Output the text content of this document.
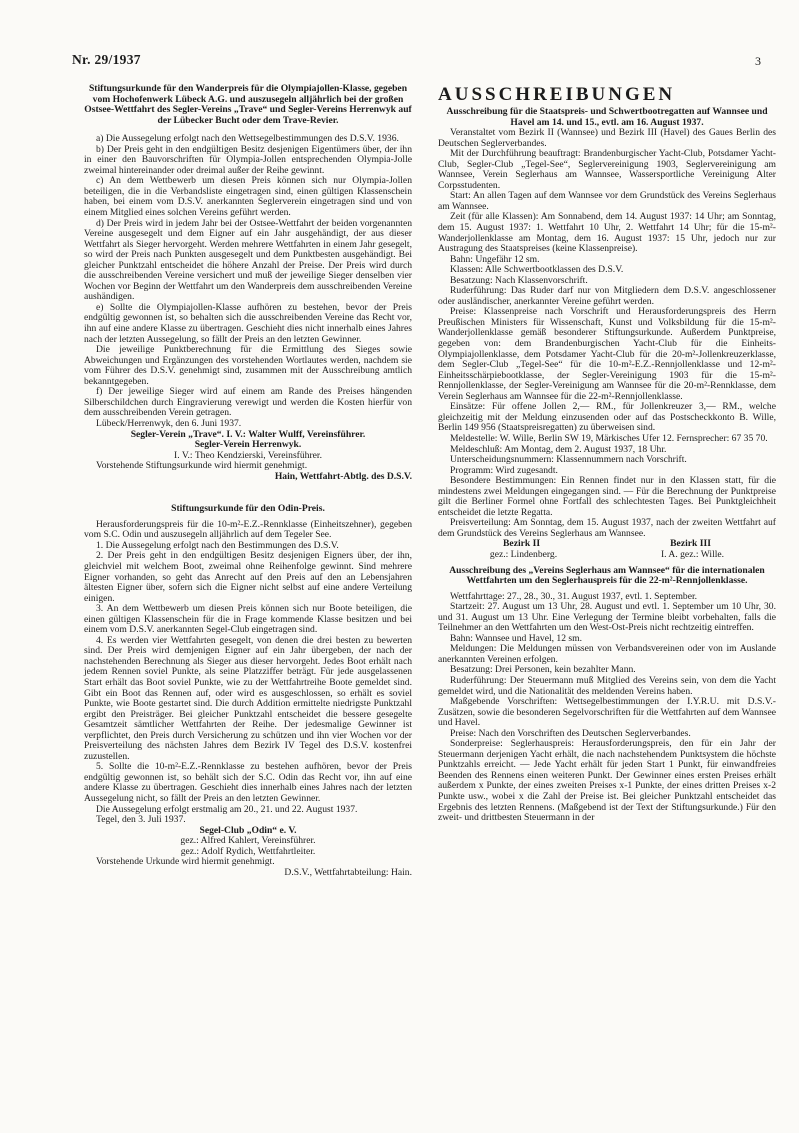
Nr. 29/1937	3

Stiftungsurkunde für den Wanderpreis für die Olympiajollen-Klasse, gegeben vom Hochofenwerk Lübeck A.G. und auszusegeln alljährlich bei der großen Ostsee-Wettfahrt des Segler-Vereins „Trave“ und Segler-Vereins Herrenwyk auf der Lübecker Bucht oder dem Trave-Revier.

a) Die Aussegelung erfolgt nach den Wettsegelbestimmungen des D.S.V. 1936.

b) Der Preis geht in den endgültigen Besitz desjenigen Eigentümers über, der ihn in einer den Bauvorschriften für Olympia-Jollen entsprechenden Olympia-Jolle zweimal hintereinander oder dreimal außer der Reihe gewinnt.

c) An dem Wettbewerb um diesen Preis können sich nur Olympia-Jollen beteiligen, die in die Verbandsliste eingetragen sind, einen gültigen Klassenschein haben, bei einem vom D.S.V. anerkannten Seglerverein eingetragen sind und von einem Mitglied eines solchen Vereins geführt werden.

d) Der Preis wird in jedem Jahr bei der Ostsee-Wettfahrt der beiden vorgenannten Vereine ausgesegelt und dem Eigner auf ein Jahr ausgehändigt, der aus dieser Wettfahrt als Sieger hervorgeht. Werden mehrere Wettfahrten in einem Jahr gesegelt, so wird der Preis nach Punkten ausgesegelt und dem Punktbesten ausgehändigt. Bei gleicher Punktzahl entscheidet die höhere Anzahl der Preise. Der Preis wird durch die ausschreibenden Vereine versichert und muß der jeweilige Sieger denselben vier Wochen vor Beginn der Wettfahrt um den Wanderpreis dem ausschreibenden Vereine aushändigen.

e) Sollte die Olympiajollen-Klasse aufhören zu bestehen, bevor der Preis endgültig gewonnen ist, so behalten sich die ausschreibenden Vereine das Recht vor, ihn auf eine andere Klasse zu übertragen. Geschieht dies nicht innerhalb eines Jahres nach der letzten Aussegelung, so fällt der Preis an den letzten Gewinner.

Die jeweilige Punktberechnung für die Ermittlung des Sieges sowie Abweichungen und Ergänzungen des vorstehenden Wortlautes werden, nachdem sie vom Führer des D.S.V. genehmigt sind, zusammen mit der Ausschreibung amtlich bekanntgegeben.

f) Der jeweilige Sieger wird auf einem am Rande des Preises hängenden Silberschildchen durch Eingravierung verewigt und werden die Kosten hierfür von dem ausschreibenden Verein getragen.

Lübeck/Herrenwyk, den 6. Juni 1937.

Segler-Verein „Trave“. I. V.: Walter Wulff, Vereinsführer.

Segler-Verein Herrenwyk.

I. V.: Theo Kendzierski, Vereinsführer.

Vorstehende Stiftungsurkunde wird hiermit genehmigt.

Hain, Wettfahrt-Abtlg. des D.S.V.

Stiftungsurkunde für den Odin-Preis.

Herausforderungspreis für die 10-m²-E.Z.-Rennklasse (Einheitszehner), gegeben vom S.C. Odin und auszusegeln alljährlich auf dem Tegeler See.

1. Die Aussegelung erfolgt nach den Bestimmungen des D.S.V.

2. Der Preis geht in den endgültigen Besitz desjenigen Eigners über, der ihn, gleichviel mit welchem Boot, zweimal ohne Reihenfolge gewinnt. Sind mehrere Eigner vorhanden, so geht das Anrecht auf den Preis auf den an Lebensjahren ältesten Eigner über, sofern sich die Eigner nicht selbst auf eine andere Verteilung einigen.

3. An dem Wettbewerb um diesen Preis können sich nur Boote beteiligen, die einen gültigen Klassenschein für die in Frage kommende Klasse besitzen und bei einem vom D.S.V. anerkannten Segel-Club eingetragen sind.

4. Es werden vier Wettfahrten gesegelt, von denen die drei besten zu bewerten sind. Der Preis wird demjenigen Eigner auf ein Jahr übergeben, der nach der nachstehenden Berechnung als Sieger aus dieser hervorgeht. Jedes Boot erhält nach jedem Rennen soviel Punkte, als seine Platzziffer beträgt. Für jede ausgelassenen Start erhält das Boot soviel Punkte, wie zu der Wettfahrtreihe Boote gemeldet sind. Gibt ein Boot das Rennen auf, oder wird es ausgeschlossen, so erhält es soviel Punkte, wie Boote gestartet sind. Die durch Addition ermittelte niedrigste Punktzahl ergibt den Preisträger. Bei gleicher Punktzahl entscheidet die bessere gesegelte Gesamtzeit sämtlicher Wettfahrten der Reihe. Der jedesmalige Gewinner ist verpflichtet, den Preis durch Versicherung zu schützen und ihn vier Wochen vor der Preisverteilung des nächsten Jahres dem Bezirk IV Tegel des D.S.V. kostenfrei zuzustellen.

5. Sollte die 10-m²-E.Z.-Rennklasse zu bestehen aufhören, bevor der Preis endgültig gewonnen ist, so behält sich der S.C. Odin das Recht vor, ihn auf eine andere Klasse zu übertragen. Geschieht dies innerhalb eines Jahres nach der letzten Aussegelung nicht, so fällt der Preis an den letzten Gewinner.

Die Aussegelung erfolgt erstmalig am 20., 21. und 22. August 1937.

Tegel, den 3. Juli 1937.

Segel-Club „Odin“ e. V.

gez.: Alfred Kahlert, Vereinsführer.

gez.: Adolf Rydich, Wettfahrtleiter.

Vorstehende Urkunde wird hiermit genehmigt.

D.S.V., Wettfahrtabteilung: Hain.

AUSSCHREIBUNGEN

Ausschreibung für die Staatspreis- und Schwertbootregatten auf Wannsee und Havel am 14. und 15., evtl. am 16. August 1937.

Veranstaltet vom Bezirk II (Wannsee) und Bezirk III (Havel) des Gaues Berlin des Deutschen Seglerverbandes.

Mit der Durchführung beauftragt: Brandenburgischer Yacht-Club, Potsdamer Yacht-Club, Segler-Club „Tegel-See“, Seglervereinigung 1903, Seglervereinigung am Wannsee, Verein Seglerhaus am Wannsee, Wassersportliche Vereinigung Alter Corpsstudenten.

Start: An allen Tagen auf dem Wannsee vor dem Grundstück des Vereins Seglerhaus am Wannsee.

Zeit (für alle Klassen): Am Sonnabend, dem 14. August 1937: 14 Uhr; am Sonntag, dem 15. August 1937: 1. Wettfahrt 10 Uhr, 2. Wettfahrt 14 Uhr; für die 15-m²-Wanderjollenklasse am Montag, dem 16. August 1937: 15 Uhr, jedoch nur zur Austragung des Staatspreises (keine Klassenpreise).

Bahn: Ungefähr 12 sm.

Klassen: Alle Schwertbootklassen des D.S.V.

Besatzung: Nach Klassenvorschrift.

Ruderführung: Das Ruder darf nur von Mitgliedern dem D.S.V. angeschlossener oder ausländischer, anerkannter Vereine geführt werden.

Preise: Klassenpreise nach Vorschrift und Herausforderungspreis des Herrn Preußischen Ministers für Wissenschaft, Kunst und Volksbildung für die 15-m²-Wanderjollenklasse gemäß besonderer Stiftungsurkunde. Außerdem Punktpreise, gegeben von: dem Brandenburgischen Yacht-Club für die Einheits-Olympiajollenklasse, dem Potsdamer Yacht-Club für die 20-m²-Jollenkreuzerklasse, dem Segler-Club „Tegel-See“ für die 10-m²-E.Z.-Rennjollenklasse und 12-m²-Einheitsschärpiebootklasse, der Segler-Vereinigung 1903 für die 15-m²-Rennjollenklasse, der Segler-Vereinigung am Wannsee für die 20-m²-Rennklasse, dem Verein Seglerhaus am Wannsee für die 22-m²-Rennjollenklasse.

Einsätze: Für offene Jollen 2,— RM., für Jollenkreuzer 3,— RM., welche gleichzeitig mit der Meldung einzusenden oder auf das Postscheckkonto B. Wille, Berlin 149 956 (Staatspreisregatten) zu überweisen sind.

Meldestelle: W. Wille, Berlin SW 19, Märkisches Ufer 12. Fernsprecher: 67 35 70.

Meldeschluß: Am Montag, dem 2. August 1937, 18 Uhr.

Unterscheidungsnummern: Klassennummern nach Vorschrift.

Programm: Wird zugesandt.

Besondere Bestimmungen: Ein Rennen findet nur in den Klassen statt, für die mindestens zwei Meldungen eingegangen sind. — Für die Berechnung der Punktpreise gilt die Berliner Formel ohne Fortfall des schlechtesten Tages. Bei Punktgleichheit entscheidet die letzte Regatta.

Preisverteilung: Am Sonntag, dem 15. August 1937, nach der zweiten Wettfahrt auf dem Grundstück des Vereins Seglerhaus am Wannsee.

Bezirk II	Bezirk III
gez.: Lindenberg.	I. A. gez.: Wille.

Ausschreibung des „Vereins Seglerhaus am Wannsee“ für die internationalen Wettfahrten um den Seglerhauspreis für die 22-m²-Rennjollenklasse.

Wettfahrttage: 27., 28., 30., 31. August 1937, evtl. 1. September.

Startzeit: 27. August um 13 Uhr, 28. August und evtl. 1. September um 10 Uhr, 30. und 31. August um 13 Uhr. Eine Verlegung der Termine bleibt vorbehalten, falls die Teilnehmer an den Wettfahrten um den West-Ost-Preis nicht rechtzeitig eintreffen.

Bahn: Wannsee und Havel, 12 sm.

Meldungen: Die Meldungen müssen von Verbandsvereinen oder von im Auslande anerkannten Vereinen erfolgen.

Besatzung: Drei Personen, kein bezahlter Mann.

Ruderführung: Der Steuermann muß Mitglied des Vereins sein, von dem die Yacht gemeldet wird, und die Nationalität des meldenden Vereins haben.

Maßgebende Vorschriften: Wettsegelbestimmungen der I.Y.R.U. mit D.S.V.-Zusätzen, sowie die besonderen Segelvorschriften für die Wettfahrten auf dem Wannsee und Havel.

Preise: Nach den Vorschriften des Deutschen Seglerverbandes.

Sonderpreise: Seglerhauspreis: Herausforderungspreis, den für ein Jahr der Steuermann derjenigen Yacht erhält, die nach nachstehendem Punktsystem die höchste Punktzahls erreicht. — Jede Yacht erhält für jeden Start 1 Punkt, für einwandfreies Beenden des Rennens einen weiteren Punkt. Der Gewinner eines ersten Preises erhält außerdem x Punkte, der eines zweiten Preises x-1 Punkte, der eines dritten Preises x-2 Punkte usw., wobei x die Zahl der Preise ist. Bei gleicher Punktzahl entscheidet das Ergebnis des letzten Rennens. (Maßgebend ist der Text der Stiftungsurkunde.) Für den zweit- und drittbesten Steuermann in der
